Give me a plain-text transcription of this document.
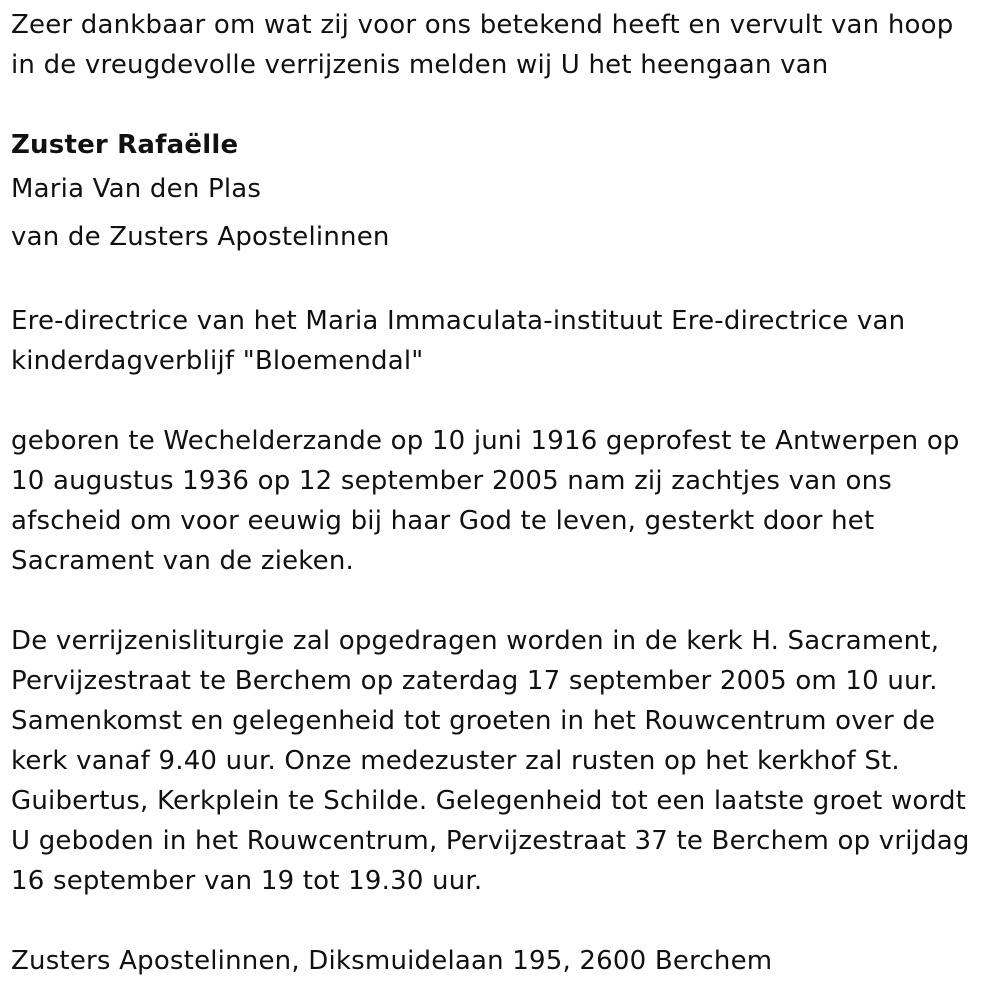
Zeer dankbaar om wat zij voor ons betekend heeft en vervult van hoop

in de vreugdevolle verrijzenis melden wij U het heengaan van

Zuster Rafaëlle

Maria Van den Plas

van de Zusters Apostelinnen

Ere-directrice van het Maria Immaculata-instituut Ere-directrice van

kinderdagverblijf "Bloemendal"

geboren te Wechelderzande op 10 juni 1916 geprofest te Antwerpen op

10 augustus 1936 op 12 september 2005 nam zij zachtjes van ons

afscheid om voor eeuwig bij haar God te leven, gesterkt door het

Sacrament van de zieken.

De verrijzenisliturgie zal opgedragen worden in de kerk H. Sacrament,

Pervijzestraat te Berchem op zaterdag 17 september 2005 om 10 uur.

Samenkomst en gelegenheid tot groeten in het Rouwcentrum over de

kerk vanaf 9.40 uur. Onze medezuster zal rusten op het kerkhof St.

Guibertus, Kerkplein te Schilde. Gelegenheid tot een laatste groet wordt

U geboden in het Rouwcentrum, Pervijzestraat 37 te Berchem op vrijdag

16 september van 19 tot 19.30 uur.

Zusters Apostelinnen, Diksmuidelaan 195, 2600 Berchem
